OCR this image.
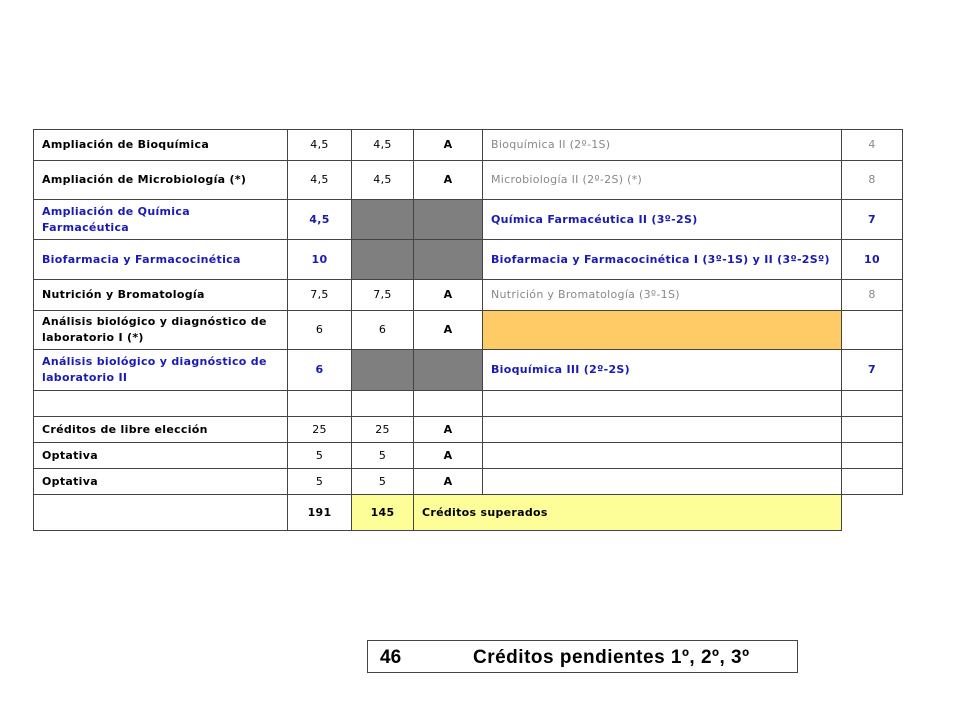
Ampliación de Bioquímica	4,5	4,5	A	Bioquímica II (2º-1S)	4
Ampliación de Microbiología (*)	4,5	4,5	A	Microbiología II (2º-2S) (*)	8
Ampliación de Química Farmacéutica	4,5			Química Farmacéutica II (3º-2S)	7
Biofarmacia y Farmacocinética	10			Biofarmacia y Farmacocinética I (3º-1S) y II (3º-2Sº)	10
Nutrición y Bromatología	7,5	7,5	A	Nutrición y Bromatología (3º-1S)	8
Análisis biológico y diagnóstico de laboratorio I (*)	6	6	A		
Análisis biológico y diagnóstico de laboratorio II	6			Bioquímica III (2º-2S)	7

Créditos de libre elección	25	25	A		
Optativa	5	5	A		
Optativa	5	5	A		
	191	145	Créditos superados		
46	Créditos pendientes 1º, 2º, 3º
